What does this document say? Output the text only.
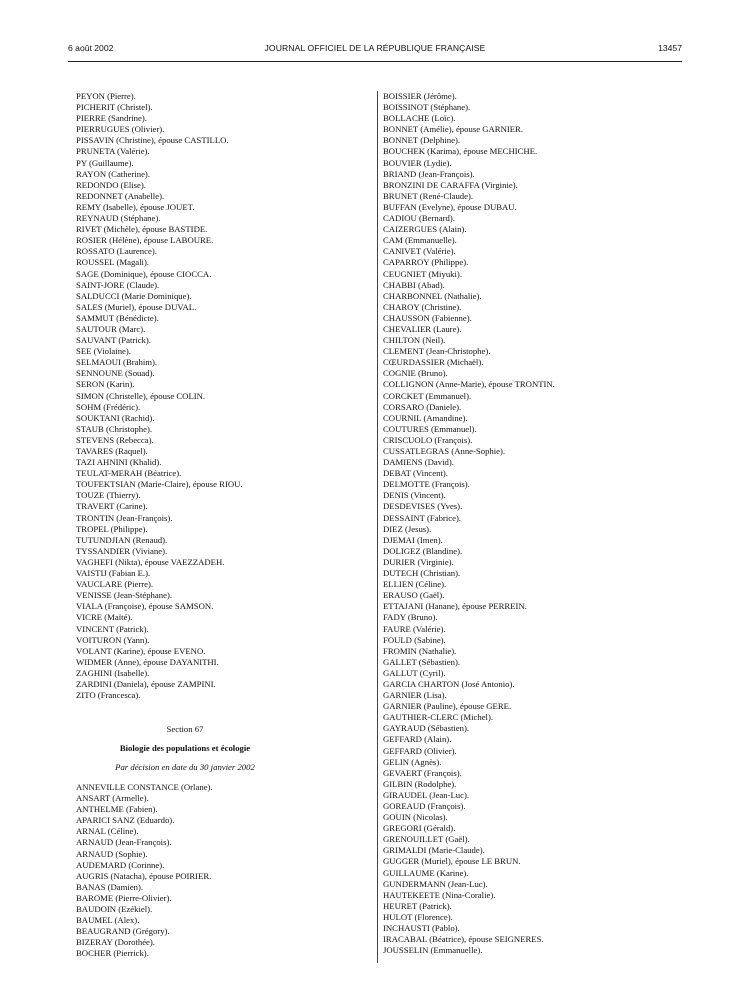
6 août 2002	JOURNAL OFFICIEL DE LA RÉPUBLIQUE FRANÇAISE	13457
PEYON (Pierre).
PICHERIT (Christel).
PIERRE (Sandrine).
PIERRUGUES (Olivier).
PISSAVIN (Christine), épouse CASTILLO.
PRUNETA (Valérie).
PY (Guillaume).
RAYON (Catherine).
REDONDO (Elise).
REDONNET (Anabelle).
REMY (Isabelle), épouse JOUET.
REYNAUD (Stéphane).
RIVET (Michèle), épouse BASTIDE.
ROSIER (Hélène), épouse LABOURE.
ROSSATO (Laurence).
ROUSSEL (Magali).
SAGE (Dominique), épouse CIOCCA.
SAINT-JORE (Claude).
SALDUCCI (Marie Dominique).
SALES (Muriel), épouse DUVAL.
SAMMUT (Bénédicte).
SAUTOUR (Marc).
SAUVANT (Patrick).
SEE (Violaine).
SELMAOUI (Brahim).
SENNOUNE (Souad).
SERON (Karin).
SIMON (Christelle), épouse COLIN.
SOHM (Frédéric).
SOUKTANI (Rachid).
STAUB (Christophe).
STEVENS (Rebecca).
TAVARES (Raquel).
TAZI AHNINI (Khalid).
TEULAT-MERAH (Béatrice).
TOUFEKTSIAN (Marie-Claire), épouse RIOU.
TOUZE (Thierry).
TRAVERT (Carine).
TRONTIN (Jean-François).
TROPEL (Philippe).
TUTUNDJIAN (Renaud).
TYSSANDIER (Viviane).
VAGHEFI (Nikta), épouse VAEZZADEH.
VAISTIJ (Fabian E.).
VAUCLARE (Pierre).
VENISSE (Jean-Stéphane).
VIALA (Françoise), épouse SAMSON.
VICRE (Maïté).
VINCENT (Patrick).
VOITURON (Yann).
VOLANT (Karine), épouse EVENO.
WIDMER (Anne), épouse DAYANITHI.
ZAGHINI (Isabelle).
ZARDINI (Daniela), épouse ZAMPINI.
ZITO (Francesca).
Section 67
Biologie des populations et écologie
Par décision en date du 30 janvier 2002
ANNEVILLE CONSTANCE (Orlane).
ANSART (Armelle).
ANTHELME (Fabien).
APARICI SANZ (Eduardo).
ARNAL (Céline).
ARNAUD (Jean-François).
ARNAUD (Sophie).
AUDEMARD (Corinne).
AUGRIS (Natacha), épouse POIRIER.
BANAS (Damien).
BAROME (Pierre-Olivier).
BAUDOIN (Ezékiel).
BAUMEL (Alex).
BEAUGRAND (Grégory).
BIZERAY (Dorothée).
BOCHER (Pierrick).
BOISSIER (Jérôme).
BOISSINOT (Stéphane).
BOLLACHE (Loïc).
BONNET (Amélie), épouse GARNIER.
BONNET (Delphine).
BOUCHEK (Karima), épouse MECHICHE.
BOUVIER (Lydie).
BRIAND (Jean-François).
BRONZINI DE CARAFFA (Virginie).
BRUNET (René-Claude).
BUFFAN (Evelyne), épouse DUBAU.
CADIOU (Bernard).
CAIZERGUES (Alain).
CAM (Emmanuelle).
CANIVET (Valérie).
CAPARROY (Philippe).
CEUGNIET (Miyuki).
CHABBI (Abad).
CHARBONNEL (Nathalie).
CHAROY (Christine).
CHAUSSON (Fabienne).
CHEVALIER (Laure).
CHILTON (Neil).
CLEMENT (Jean-Christophe).
CŒURDASSIER (Michaël).
COGNIE (Bruno).
COLLIGNON (Anne-Marie), épouse TRONTIN.
CORCKET (Emmanuel).
CORSARO (Daniele).
COURNIL (Amandine).
COUTURES (Emmanuel).
CRISCUOLO (François).
CUSSATLEGRAS (Anne-Sophie).
DAMIENS (David).
DEBAT (Vincent).
DELMOTTE (François).
DENIS (Vincent).
DESDEVISES (Yves).
DESSAINT (Fabrice).
DIEZ (Jesus).
DJEMAI (Imen).
DOLIGEZ (Blandine).
DURIER (Virginie).
DUTECH (Christian).
ELLIEN (Céline).
ERAUSO (Gaël).
ETTAJANI (Hanane), épouse PERREIN.
FADY (Bruno).
FAURE (Valérie).
FOULD (Sabine).
FROMIN (Nathalie).
GALLET (Sébastien).
GALLUT (Cyril).
GARCIA CHARTON (José Antonio).
GARNIER (Lisa).
GARNIER (Pauline), épouse GERE.
GAUTHIER-CLERC (Michel).
GAYRAUD (Sébastien).
GEFFARD (Alain).
GEFFARD (Olivier).
GELIN (Agnès).
GEVAERT (François).
GILBIN (Rodolphe).
GIRAUDEL (Jean-Luc).
GOREAUD (François).
GOUIN (Nicolas).
GREGORI (Gérald).
GRENOUILLET (Gaël).
GRIMALDI (Marie-Claude).
GUGGER (Muriel), épouse LE BRUN.
GUILLAUME (Karine).
GUNDERMANN (Jean-Luc).
HAUTEKEETE (Nina-Coralie).
HEURET (Patrick).
HULOT (Florence).
INCHAUSTI (Pablo).
IRACABAL (Béatrice), épouse SEIGNERES.
JOUSSELIN (Emmanuelle).
